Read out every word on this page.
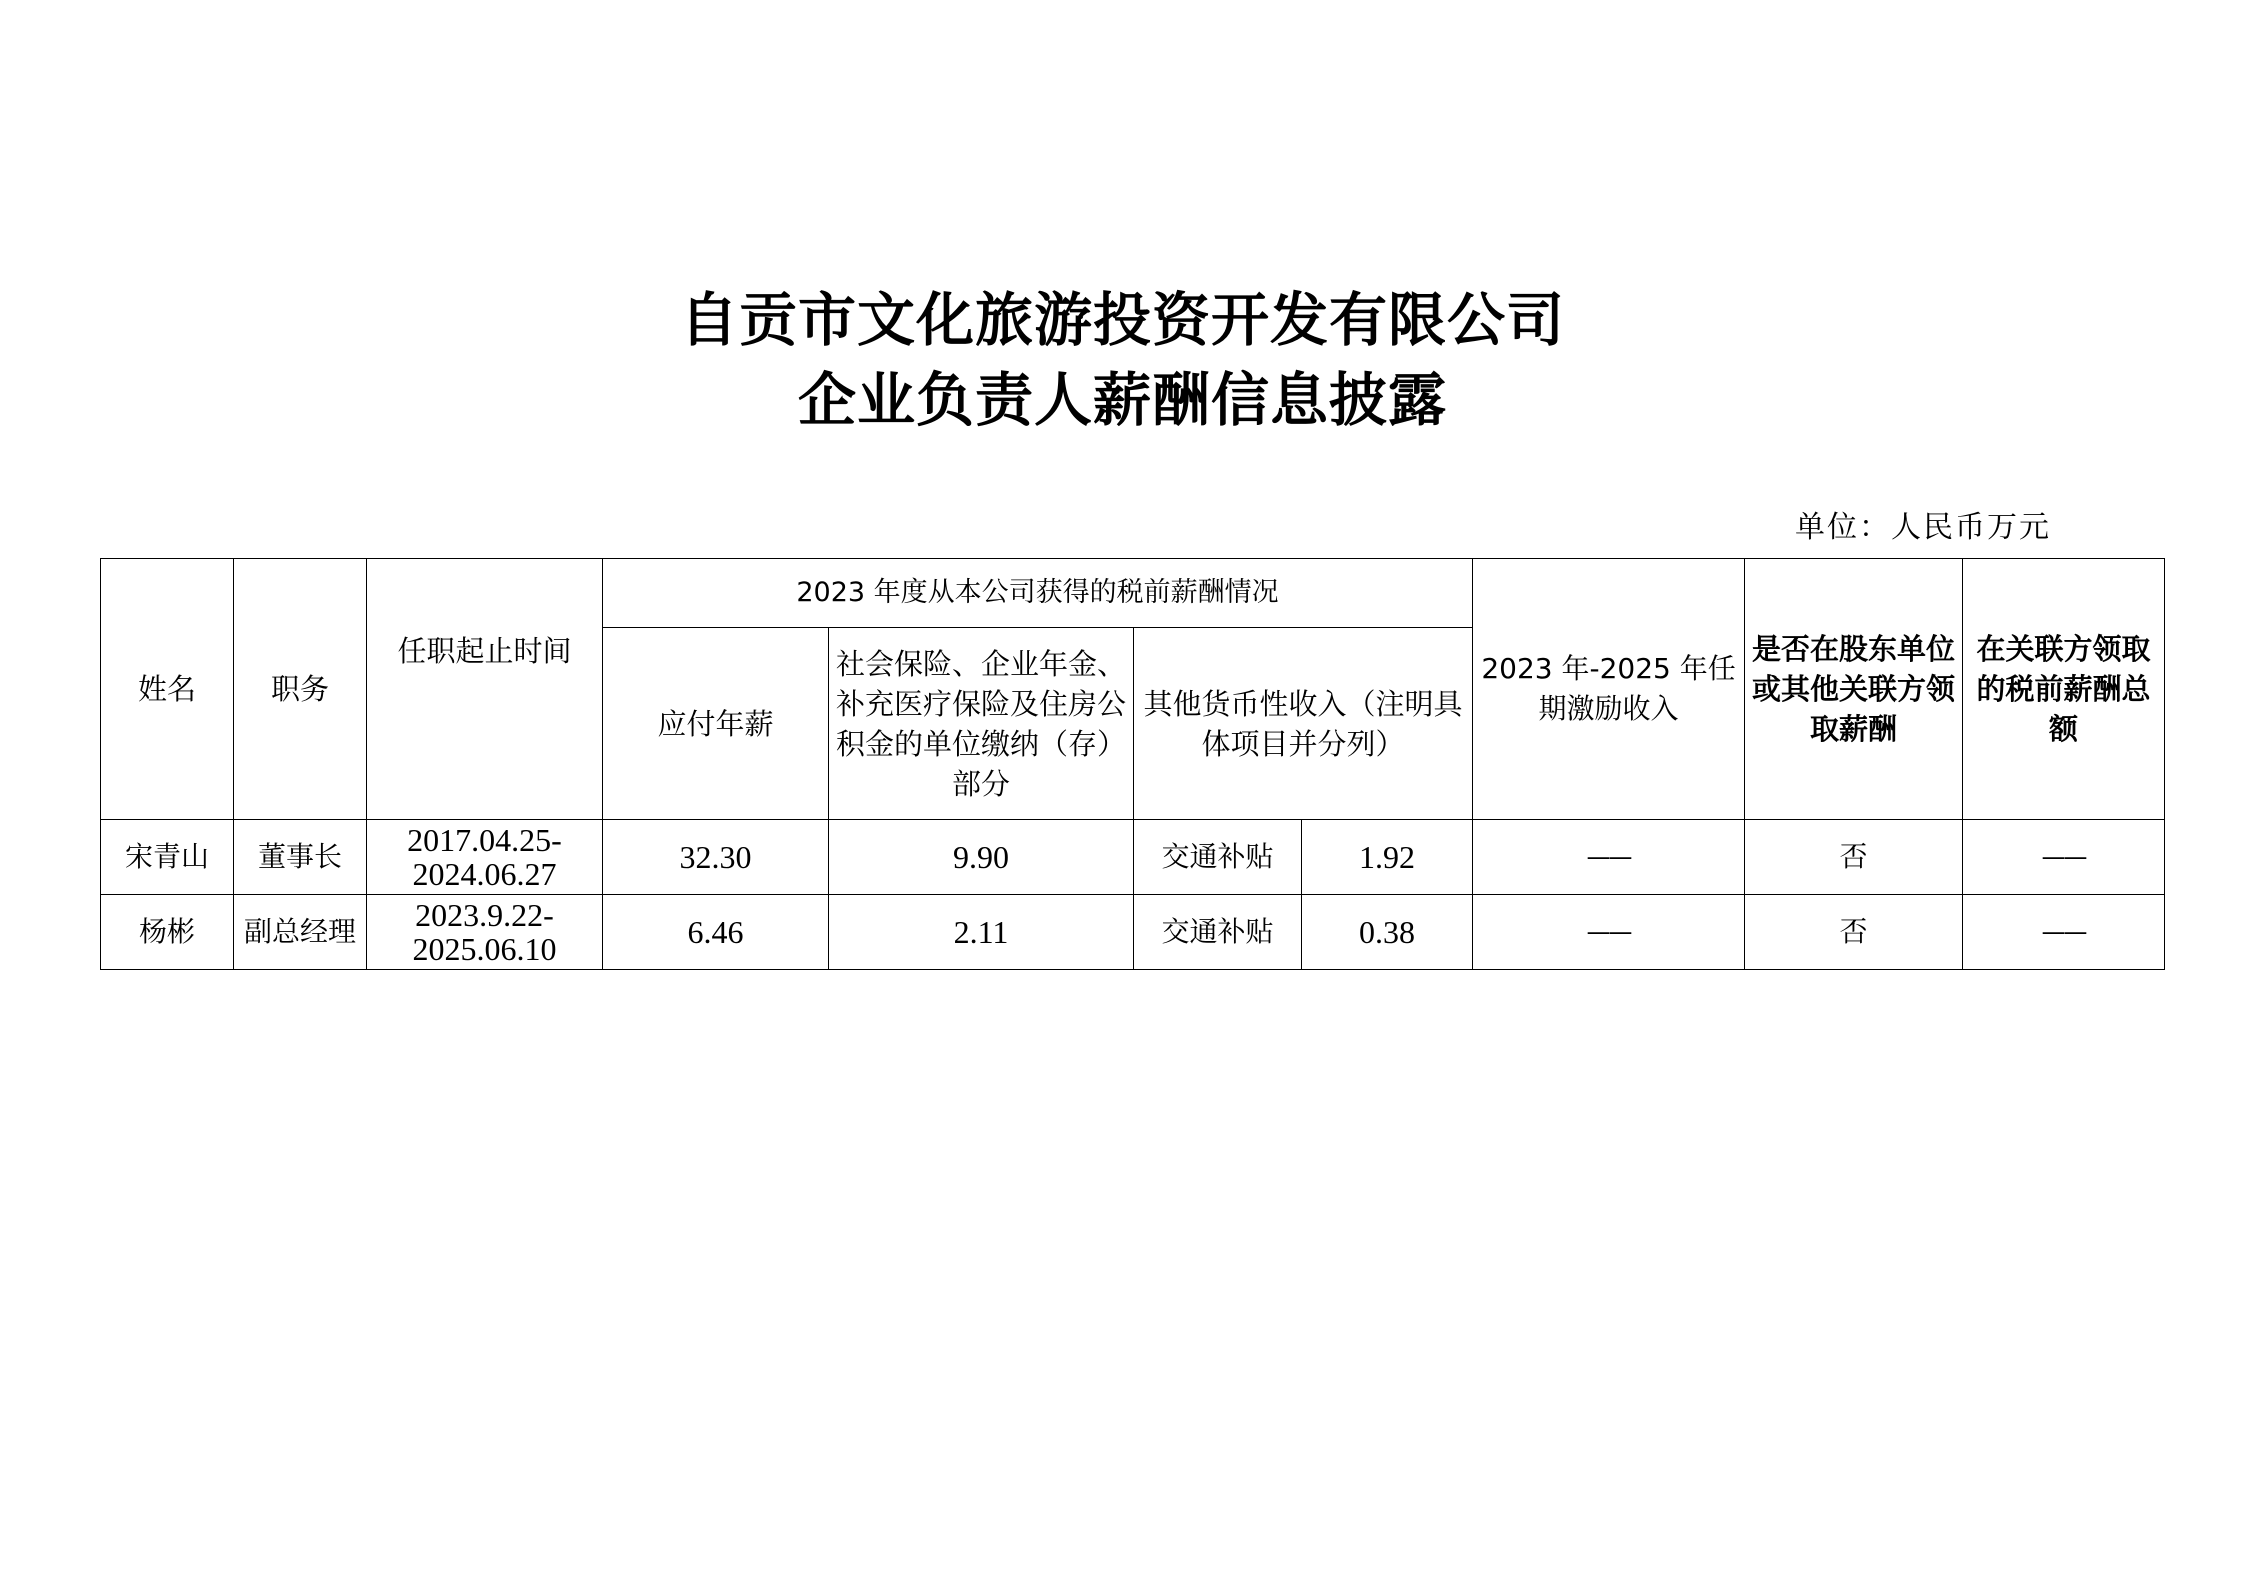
自贡市文化旅游投资开发有限公司
企业负责人薪酬信息披露
单位：人民币万元
姓名	职务	任职起止时间	2023 年度从本公司获得的税前薪酬情况				2023 年-2025 年任期激励收入	是否在股东单位或其他关联方领取薪酬	在关联方领取的税前薪酬总额
			应付年薪	社会保险、企业年金、补充医疗保险及住房公积金的单位缴纳（存）部分	其他货币性收入（注明具体项目并分列）				
宋青山	董事长	2017.04.25-2024.06.27	32.30	9.90	交通补贴	1.92	——	否	——
杨彬	副总经理	2023.9.22-2025.06.10	6.46	2.11	交通补贴	0.38	——	否	——
